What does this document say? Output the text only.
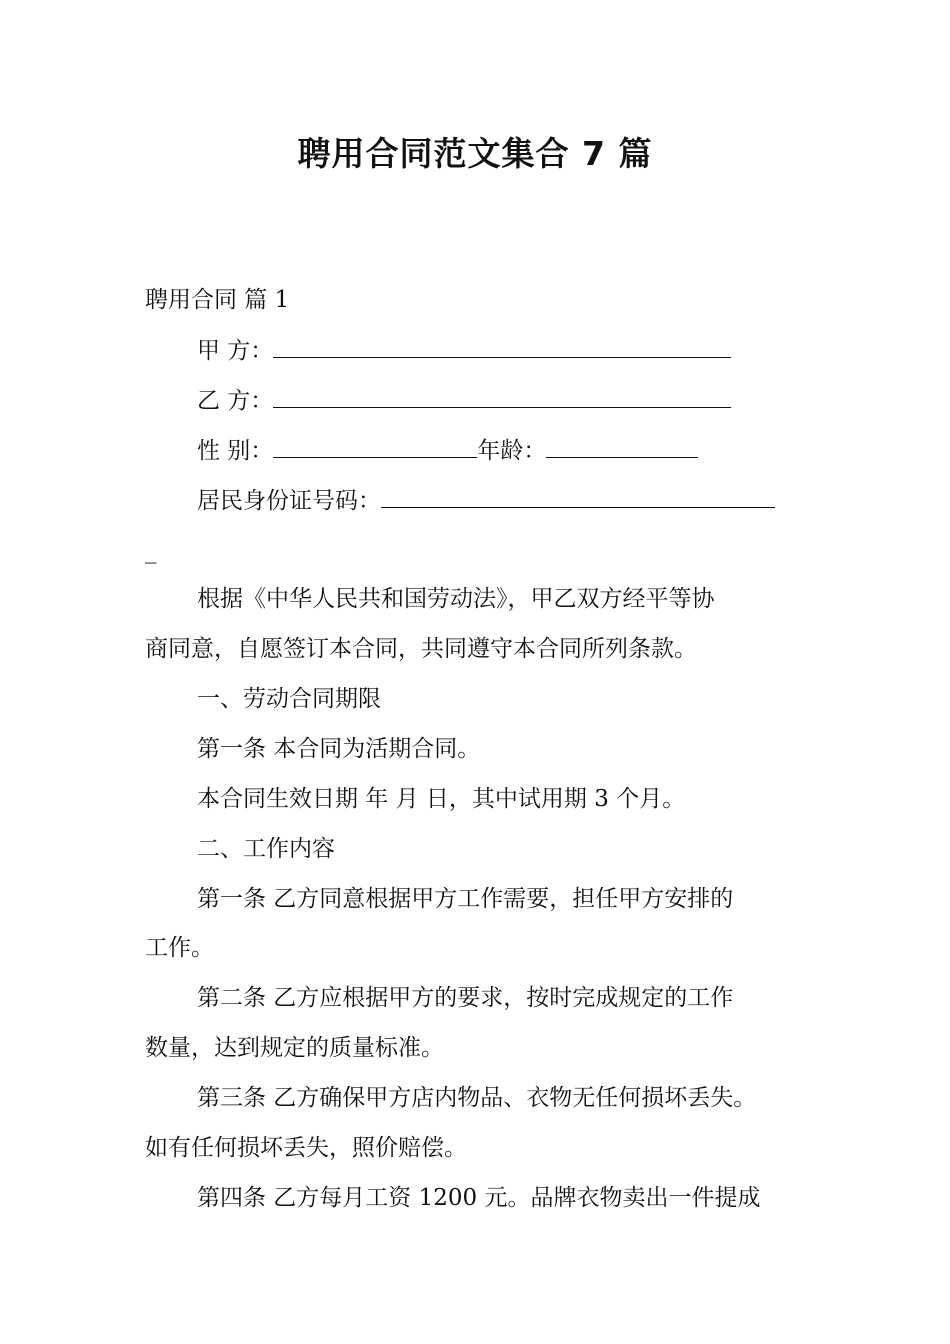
聘用合同范文集合 7 篇

聘用合同 篇 1

甲 方：

乙 方：

性 别：	年龄：

居民身份证号码：

_

根据《中华人民共和国劳动法》，甲乙双方经平等协

商同意，自愿签订本合同，共同遵守本合同所列条款。

一、劳动合同期限

第一条 本合同为活期合同。

本合同生效日期 年 月 日，其中试用期 3 个月。

二、工作内容

第一条 乙方同意根据甲方工作需要，担任甲方安排的

工作。

第二条 乙方应根据甲方的要求，按时完成规定的工作

数量，达到规定的质量标准。

第三条 乙方确保甲方店内物品、衣物无任何损坏丢失。

如有任何损坏丢失，照价赔偿。

第四条 乙方每月工资 1200 元。品牌衣物卖出一件提成
